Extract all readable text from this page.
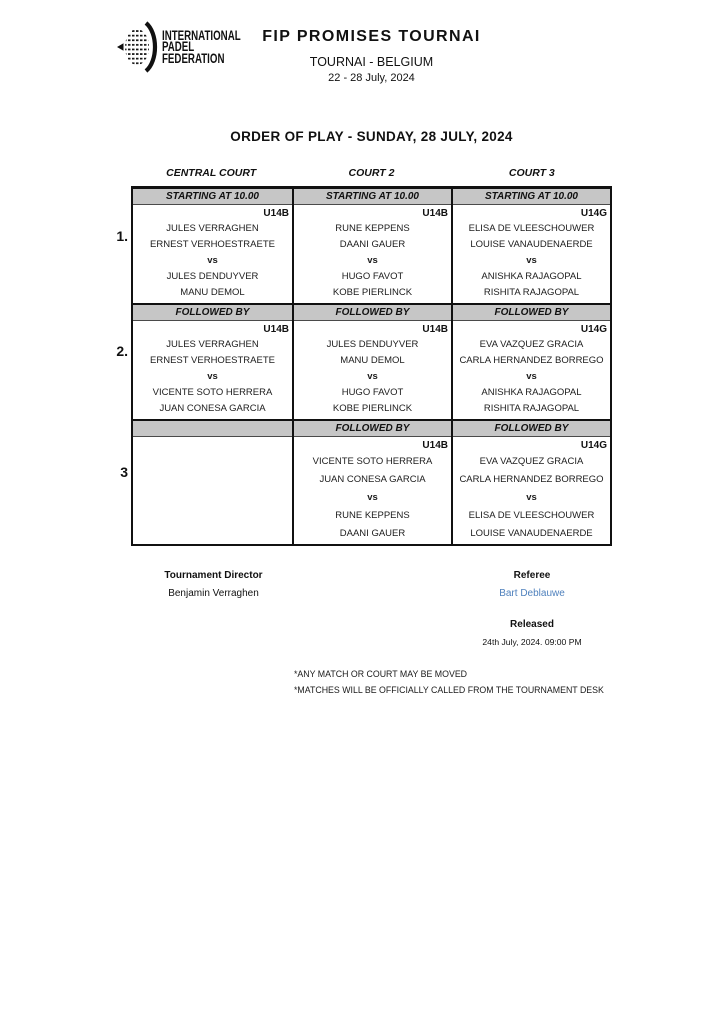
INTERNATIONAL
PADEL
FEDERATION
FIP PROMISES TOURNAI
TOURNAI - BELGIUM
22 - 28 July, 2024
ORDER OF PLAY - SUNDAY, 28 JULY, 2024
CENTRAL COURT	COURT 2	COURT 3
1.
2.
3
STARTING AT 10.00
U14B
JULES VERRAGHEN
ERNEST VERHOESTRAETE
vs
JULES DENDUYVER
MANU DEMOL
STARTING AT 10.00
U14B
RUNE KEPPENS
DAANI GAUER
vs
HUGO FAVOT
KOBE PIERLINCK
STARTING AT 10.00
U14G
ELISA DE VLEESCHOUWER
LOUISE VANAUDENAERDE
vs
ANISHKA RAJAGOPAL
RISHITA RAJAGOPAL
FOLLOWED BY
U14B
JULES VERRAGHEN
ERNEST VERHOESTRAETE
vs
VICENTE SOTO HERRERA
JUAN CONESA GARCIA
FOLLOWED BY
U14B
JULES DENDUYVER
MANU DEMOL
vs
HUGO FAVOT
KOBE PIERLINCK
FOLLOWED BY
U14G
EVA VAZQUEZ GRACIA
CARLA HERNANDEZ BORREGO
vs
ANISHKA RAJAGOPAL
RISHITA RAJAGOPAL
FOLLOWED BY
U14B
VICENTE SOTO HERRERA
JUAN CONESA GARCIA
vs
RUNE KEPPENS
DAANI GAUER
FOLLOWED BY
U14G
EVA VAZQUEZ GRACIA
CARLA HERNANDEZ BORREGO
vs
ELISA DE VLEESCHOUWER
LOUISE VANAUDENAERDE
Tournament Director
Benjamin Verraghen
Referee
Bart Deblauwe
Released
24th July, 2024. 09:00 PM
*ANY MATCH OR COURT MAY BE MOVED
*MATCHES WILL BE OFFICIALLY CALLED FROM THE TOURNAMENT DESK
